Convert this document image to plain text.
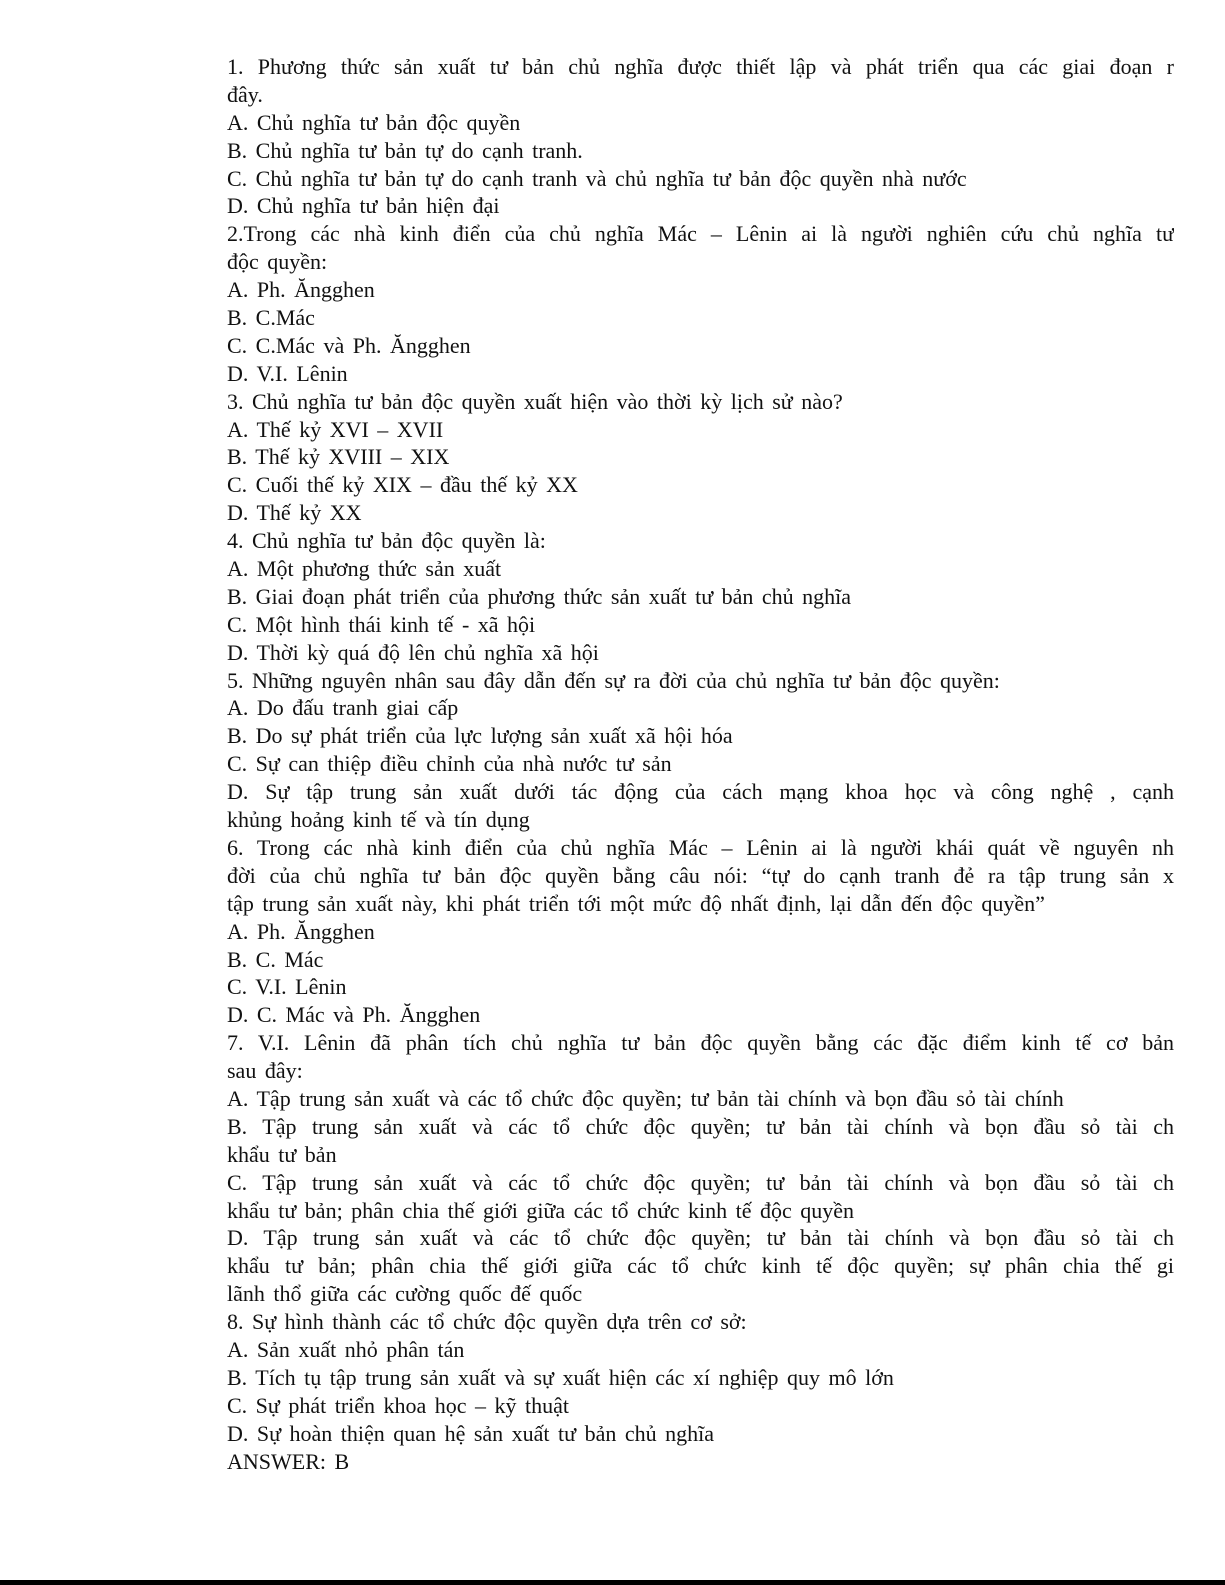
1. Phương thức sản xuất tư bản chủ nghĩa được thiết lập và phát triển qua các giai đoạn r
đây.
A. Chủ nghĩa tư bản độc quyền
B. Chủ nghĩa tư bản tự do cạnh tranh.
C. Chủ nghĩa tư bản tự do cạnh tranh và chủ nghĩa tư bản độc quyền nhà nước
D. Chủ nghĩa tư bản hiện đại
2.Trong các nhà kinh điển của chủ nghĩa Mác – Lênin ai là người nghiên cứu chủ nghĩa tư
độc quyền:
A. Ph. Ăngghen
B. C.Mác
C. C.Mác và Ph. Ăngghen
D. V.I. Lênin
3. Chủ nghĩa tư bản độc quyền xuất hiện vào thời kỳ lịch sử nào?
A. Thế kỷ XVI – XVII
B. Thế kỷ XVIII – XIX
C. Cuối thế kỷ XIX – đầu thế kỷ XX
D. Thế kỷ XX
4. Chủ nghĩa tư bản độc quyền là:
A. Một phương thức sản xuất
B. Giai đoạn phát triển của phương thức sản xuất tư bản chủ nghĩa
C. Một hình thái kinh tế - xã hội
D. Thời kỳ quá độ lên chủ nghĩa xã hội
5. Những nguyên nhân sau đây dẫn đến sự ra đời của chủ nghĩa tư bản độc quyền:
A. Do đấu tranh giai cấp
B. Do sự phát triển của lực lượng sản xuất xã hội hóa
C. Sự can thiệp điều chỉnh của nhà nước tư sản
D. Sự tập trung sản xuất dưới tác động của cách mạng khoa học và công nghệ , cạnh
khủng hoảng kinh tế và tín dụng
6. Trong các nhà kinh điển của chủ nghĩa Mác – Lênin ai là người khái quát về nguyên nh
đời của chủ nghĩa tư bản độc quyền bằng câu nói: “tự do cạnh tranh đẻ ra tập trung sản x
tập trung sản xuất này, khi phát triển tới một mức độ nhất định, lại dẫn đến độc quyền”
A. Ph. Ăngghen
B. C. Mác
C. V.I. Lênin
D. C. Mác và Ph. Ăngghen
7. V.I. Lênin đã phân tích chủ nghĩa tư bản độc quyền bằng các đặc điểm kinh tế cơ bản
sau đây:
A. Tập trung sản xuất và các tổ chức độc quyền; tư bản tài chính và bọn đầu sỏ tài chính
B. Tập trung sản xuất và các tổ chức độc quyền; tư bản tài chính và bọn đầu sỏ tài ch
khẩu tư bản
C. Tập trung sản xuất và các tổ chức độc quyền; tư bản tài chính và bọn đầu sỏ tài ch
khẩu tư bản; phân chia thế giới giữa các tổ chức kinh tế độc quyền
D. Tập trung sản xuất và các tổ chức độc quyền; tư bản tài chính và bọn đầu sỏ tài ch
khẩu tư bản; phân chia thế giới giữa các tổ chức kinh tế độc quyền; sự phân chia thế gi
lãnh thổ giữa các cường quốc đế quốc
8. Sự hình thành các tổ chức độc quyền dựa trên cơ sở:
A. Sản xuất nhỏ phân tán
B. Tích tụ tập trung sản xuất và sự xuất hiện các xí nghiệp quy mô lớn
C. Sự phát triển khoa học – kỹ thuật
D. Sự hoàn thiện quan hệ sản xuất tư bản chủ nghĩa
ANSWER: B
